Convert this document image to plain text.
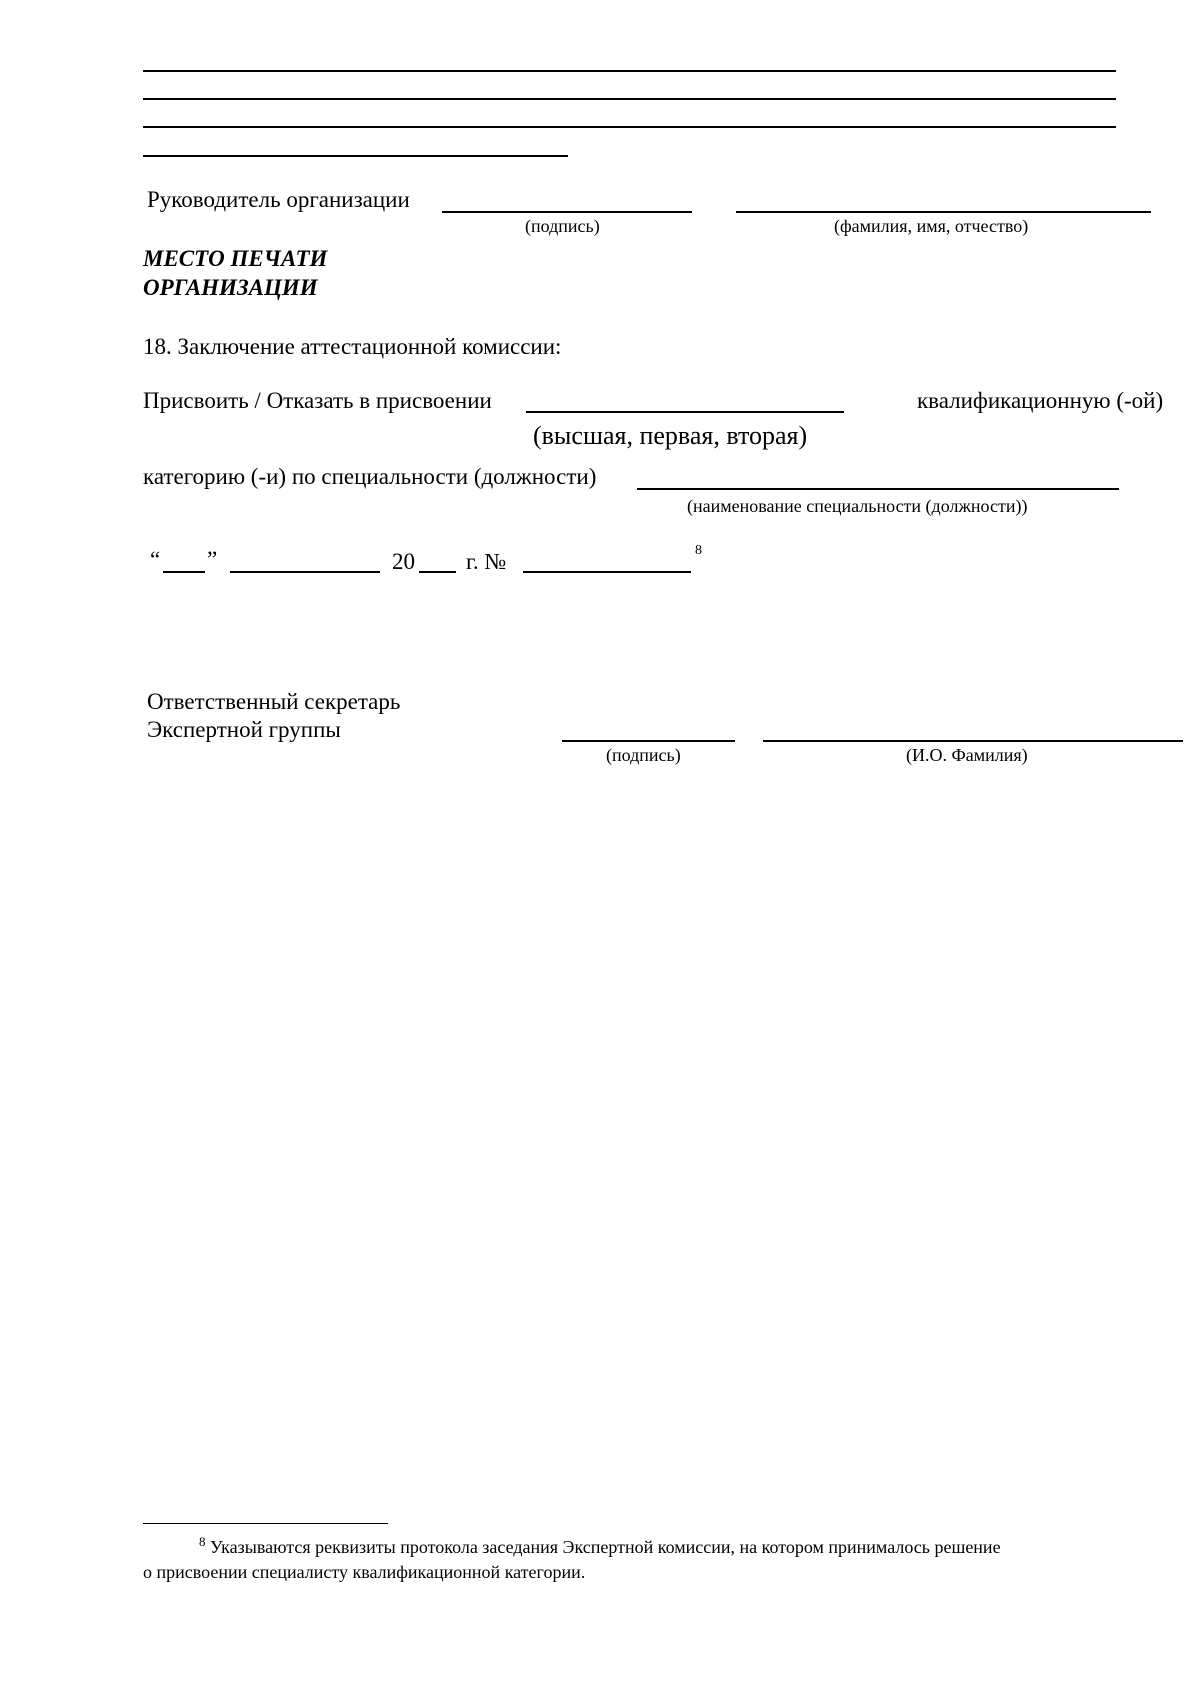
Руководитель организации
(подпись)	(фамилия, имя, отчество)
МЕСТО ПЕЧАТИ
ОРГАНИЗАЦИИ
18. Заключение аттестационной комиссии:
Присвоить / Отказать в присвоении	квалификационную (-ой)
(высшая, первая, вторая)
категорию (-и) по специальности (должности)
(наименование специальности (должности))
“ ”	20 г. №	8
Ответственный секретарь
Экспертной группы
(подпись)	(И.О. Фамилия)
$^8$ Указываются реквизиты протокола заседания Экспертной комиссии, на котором принималось решение
о присвоении специалисту квалификационной категории.
